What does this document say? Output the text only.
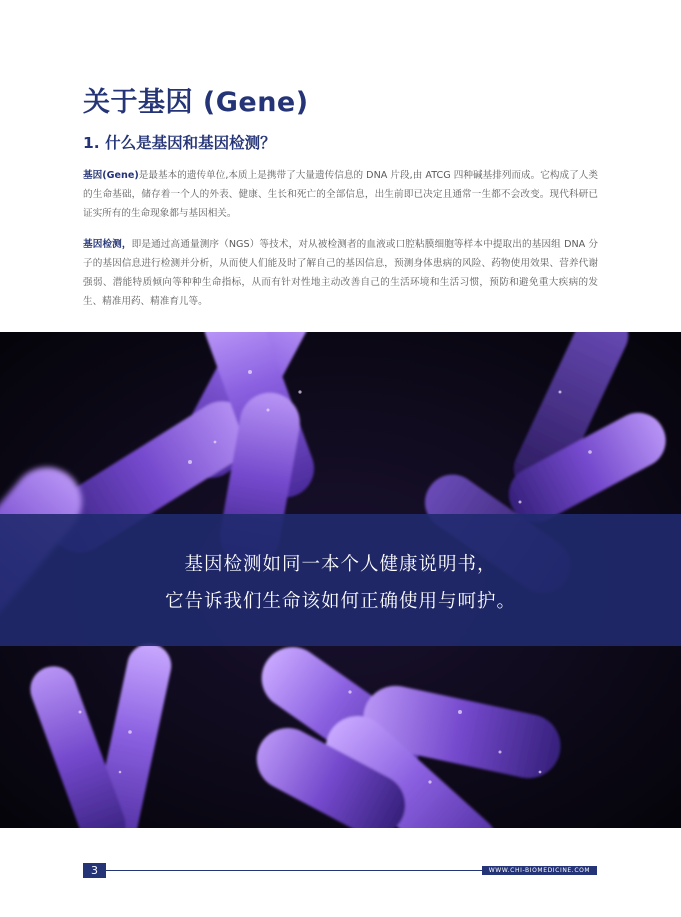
关于基因 (Gene)
1. 什么是基因和基因检测？

基因(Gene)是最基本的遗传单位,本质上是携带了大量遗传信息的 DNA 片段,由 ATCG 四种碱基排列而成。它构成了人类的生命基础，储存着一个人的外表、健康、生长和死亡的全部信息，出生前即已决定且通常一生都不会改变。现代科研已证实所有的生命现象都与基因相关。

基因检测，即是通过高通量测序（NGS）等技术，对从被检测者的血液或口腔粘膜细胞等样本中提取出的基因组 DNA 分子的基因信息进行检测并分析，从而使人们能及时了解自己的基因信息，预测身体患病的风险、药物使用效果、营养代谢强弱、潜能特质倾向等种种生命指标，从而有针对性地主动改善自己的生活环境和生活习惯，预防和避免重大疾病的发生、精准用药、精准育儿等。

基因检测如同一本个人健康说明书，
它告诉我们生命该如何正确使用与呵护。
3	WWW.CHI-BIOMEDICINE.COM
